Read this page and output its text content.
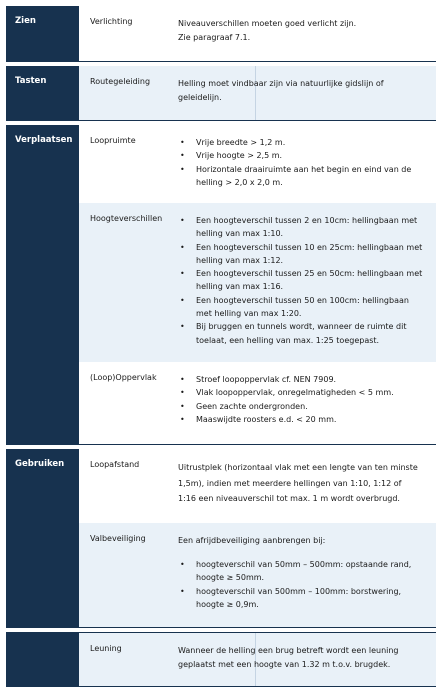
Zien	Verlichting	Niveauverschillen moeten goed verlicht zijn.

Zie paragraaf 7.1.

Tasten	Routegeleiding	Helling moet vindbaar zijn via natuurlijke gidslijn of

geleidelijn.

Verplaatsen	Loopruimte	• Vrije breedte > 1,2 m.
• Vrije hoogte > 2,5 m.
• Horizontale draairuimte aan het begin en eind van de
helling > 2,0 x 2,0 m.
Hoogteverschillen	• Een hoogteverschil tussen 2 en 10cm: hellingbaan met
helling van max 1:10.
• Een hoogteverschil tussen 10 en 25cm: hellingbaan met
helling van max 1:12.
• Een hoogteverschil tussen 25 en 50cm: hellingbaan met
helling van max 1:16.
• Een hoogteverschil tussen 50 en 100cm: hellingbaan
met helling van max 1:20.
• Bij bruggen en tunnels wordt, wanneer de ruimte dit
toelaat, een helling van max. 1:25 toegepast.
(Loop)Oppervlak	• Stroef loopoppervlak cf. NEN 7909.
• Vlak loopoppervlak, onregelmatigheden < 5 mm.
• Geen zachte ondergronden.
• Maaswijdte roosters e.d. < 20 mm.
Gebruiken	Loopafstand	Uitrustplek (horizontaal vlak met een lengte van ten minste

1,5m), indien met meerdere hellingen van 1:10, 1:12 of

1:16 een niveauverschil tot max. 1 m wordt overbrugd.

Valbeveiliging	Een afrijdbeveiliging aanbrengen bij:

• hoogteverschil van 50mm – 500mm: opstaande rand,
hoogte ≥ 50mm.
• hoogteverschil van 500mm – 100mm: borstwering,
hoogte ≥ 0,9m.
Leuning	Wanneer de helling een brug betreft wordt een leuning

geplaatst met een hoogte van 1.32 m t.o.v. brugdek.
